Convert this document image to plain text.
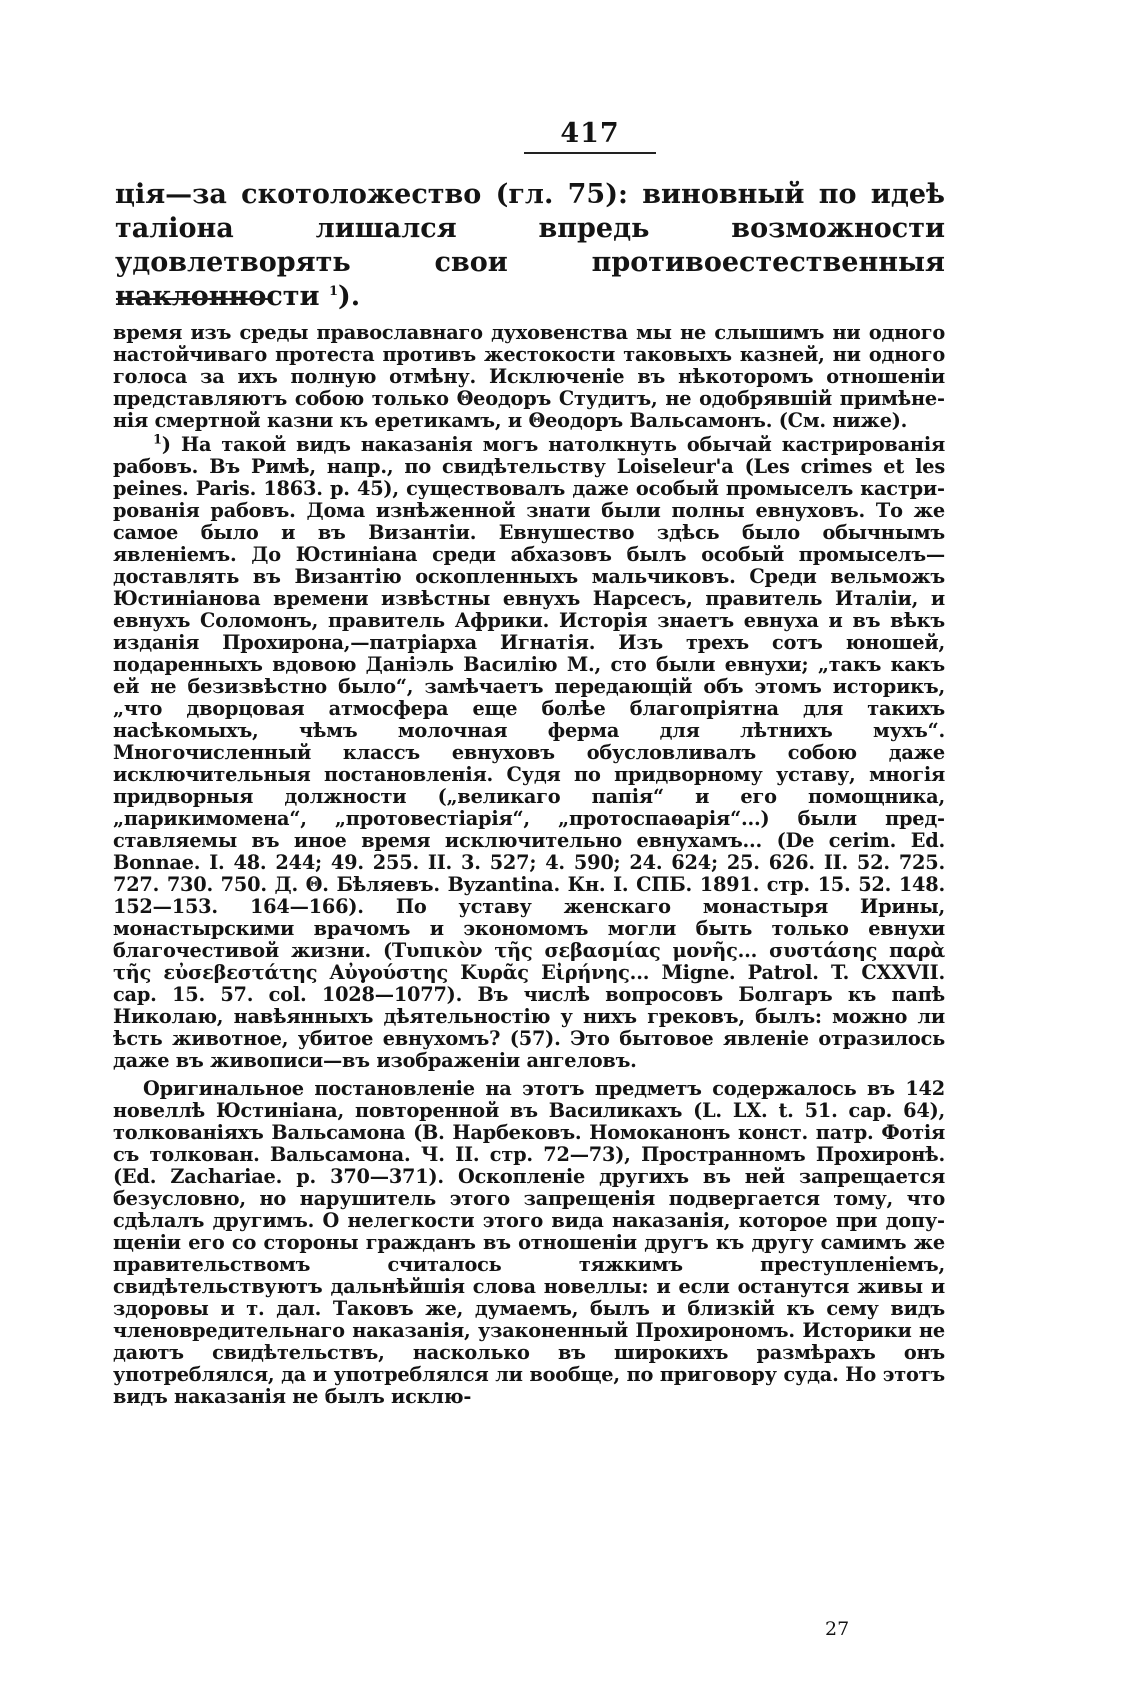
417

ція—за скотоложество (гл. 75): виновный по идеѣ таліона лишался впредь возможности удовлетворять свои противоестественныя наклонности $^1$).

время изъ среды православнаго духовенства мы не слышимъ ни одного настойчиваго протеста противъ жестокости таковыхъ казней, ни одного голоса за ихъ полную отмѣну. Исключеніе въ нѣкоторомъ отношеніи представляютъ собою только Θеодоръ Студитъ, не одобрявшій примѣненія смертной казни къ еретикамъ, и Θеодоръ Вальсамонъ. (См. ниже).

$^1$) На такой видъ наказанія могъ натолкнуть обычай кастрированія рабовъ. Въ Римѣ, напр., по свидѣтельству Loiseleur'а (Les crimes et les peines. Paris. 1863. p. 45), существовалъ даже особый промыселъ кастрированія рабовъ. Дома изнѣженной знати были полны евнуховъ. То же самое было и въ Византіи. Евнушество здѣсь было обычнымъ явленіемъ. До Юстиніана среди абхазовъ былъ особый промыселъ—доставлять въ Византію оскопленныхъ мальчиковъ. Среди вельможъ Юстиніанова времени извѣстны евнухъ Нарсесъ, правитель Италіи, и евнухъ Соломонъ, правитель Африки. Исторія знаетъ евнуха и въ вѣкъ изданія Прохирона,—патріарха Игнатія. Изъ трехъ сотъ юношей, подаренныхъ вдовою Даніэль Василію М., сто были евнухи; „такъ какъ ей не безизвѣстно было“, замѣчаетъ передающій объ этомъ историкъ, „что дворцовая атмосфера еще болѣе благопріятна для такихъ насѣкомыхъ, чѣмъ молочная ферма для лѣтнихъ мухъ“. Многочисленный классъ евнуховъ обусловливалъ собою даже исключительныя постановленія. Судя по придворному уставу, многія придворныя должности („великаго папія“ и его помощника, „парикимомена“, „протовестіарія“, „протоспаѳарія“...) были представляемы въ иное время исключительно евнухамъ... (De cerim. Ed. Bonnae. I. 48. 244; 49. 255. II. 3. 527; 4. 590; 24. 624; 25. 626. II. 52. 725. 727. 730. 750. Д. Θ. Бѣляевъ. Byzantina. Кн. I. СПБ. 1891. стр. 15. 52. 148. 152—153. 164—166). По уставу женскаго монастыря Ирины, монастырскими врачомъ и экономомъ могли быть только евнухи благочестивой жизни. (Τυπικὸν τῆς σεβασμίας μονῆς... συστάσης παρὰ τῆς εὐσεβεστάτης Αὐγούστης Κυρᾶς Εἰρήνης... Migne. Patrol. T. CXXVII. cap. 15. 57. col. 1028—1077). Въ числѣ вопросовъ Болгаръ къ папѣ Николаю, навѣянныхъ дѣятельностію у нихъ грековъ, былъ: можно ли ѣсть животное, убитое евнухомъ? (57). Это бытовое явленіе отразилось даже въ живописи—въ изображеніи ангеловъ.

Оригинальное постановленіе на этотъ предметъ содержалось въ 142 новеллѣ Юстиніана, повторенной въ Василикахъ (L. LX. t. 51. cap. 64), толкованіяхъ Вальсамона (В. Нарбековъ. Номоканонъ конст. патр. Фотія съ толкован. Вальсамона. Ч. II. стр. 72—73), Пространномъ Прохиронѣ. (Ed. Zachariae. p. 370—371). Оскопленіе другихъ въ ней запрещается безусловно, но нарушитель этого запрещенія подвергается тому, что сдѣлалъ другимъ. О нелегкости этого вида наказанія, которое при допущеніи его со стороны гражданъ въ отношеніи другъ къ другу самимъ же правительствомъ считалось тяжкимъ преступленіемъ, свидѣтельствуютъ дальнѣйшія слова новеллы: и если останутся живы и здоровы и т. дал. Таковъ же, думаемъ, былъ и близкій къ сему видъ членовредительнаго наказанія, узаконенный Прохирономъ. Историки не даютъ свидѣтельствъ, насколько въ широкихъ размѣрахъ онъ употреблялся, да и употреблялся ли вообще, по приговору суда. Но этотъ видъ наказанія не былъ исклю-

27
